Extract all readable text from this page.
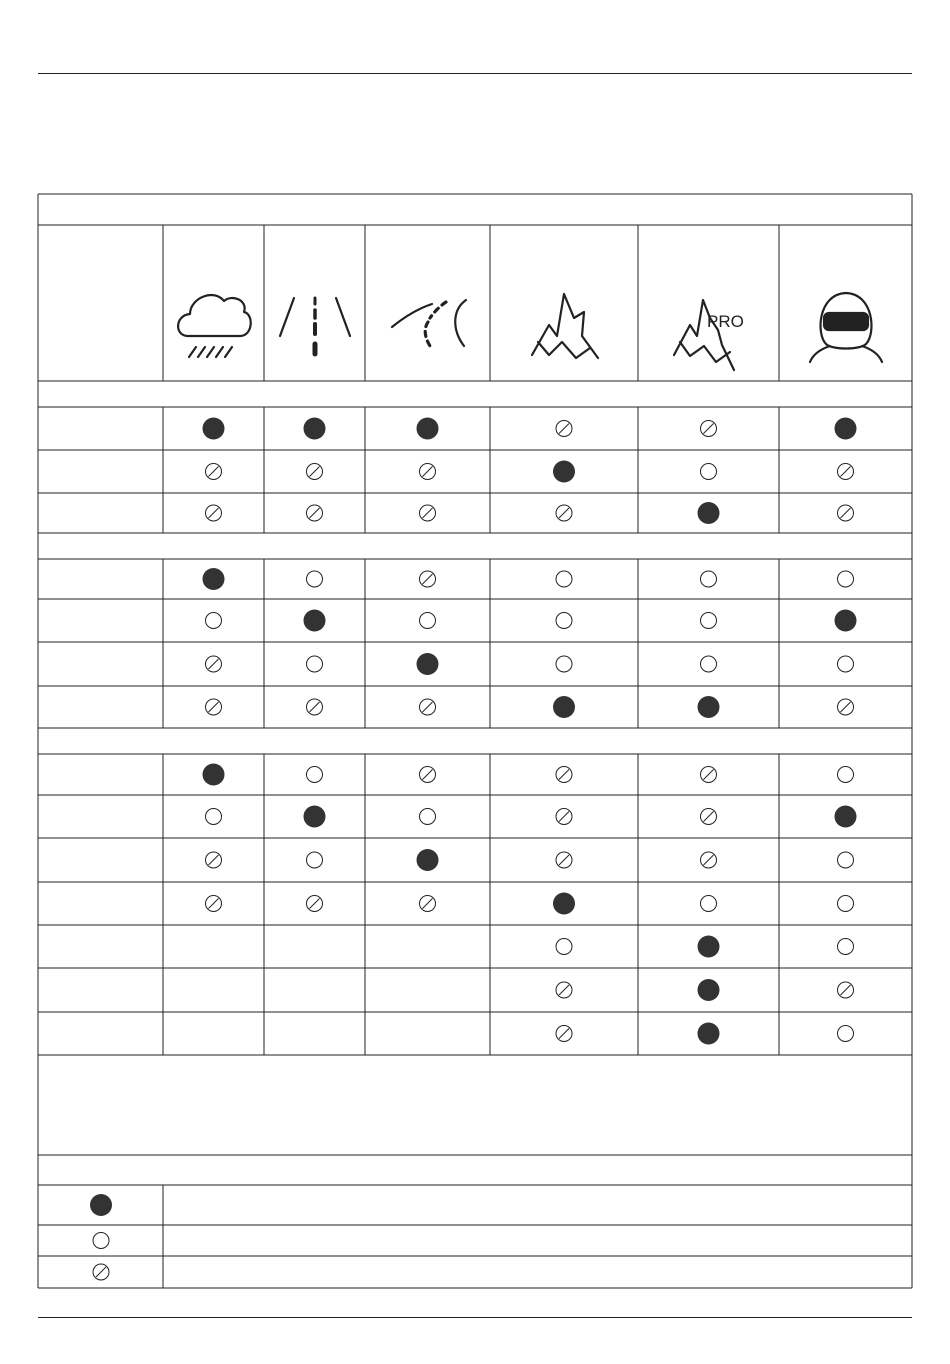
PRO
